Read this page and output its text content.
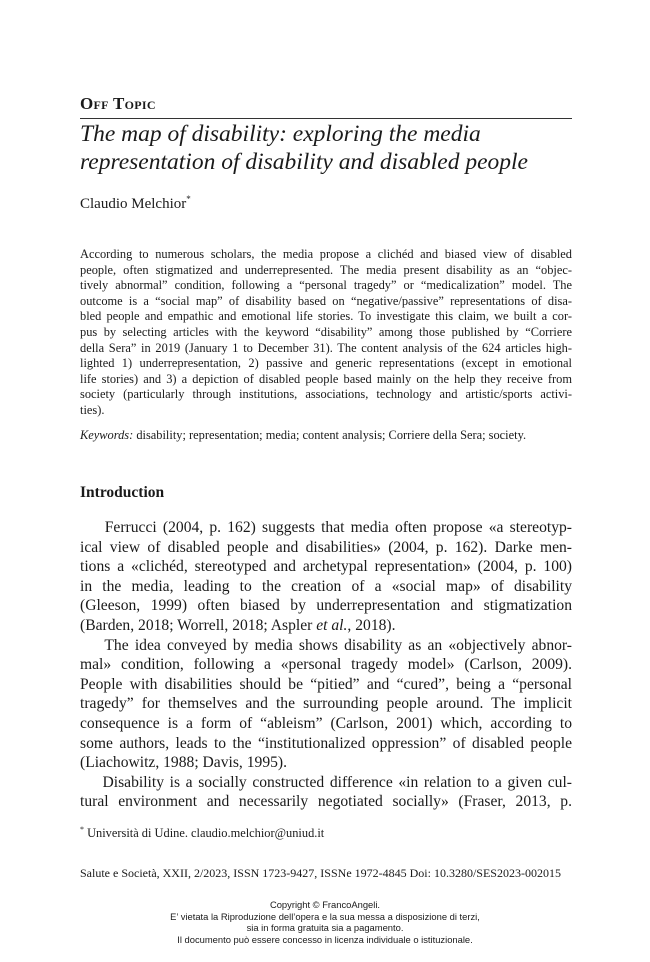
Off Topic
The map of disability: exploring the media
representation of disability and disabled people
Claudio Melchior*
According to numerous scholars, the media propose a clichéd and biased view of disabled
people, often stigmatized and underrepresented. The media present disability as an “objec-
tively abnormal” condition, following a “personal tragedy” or “medicalization” model. The
outcome is a “social map” of disability based on “negative/passive” representations of disa-
bled people and empathic and emotional life stories. To investigate this claim, we built a cor-
pus by selecting articles with the keyword “disability” among those published by “Corriere
della Sera” in 2019 (January 1 to December 31). The content analysis of the 624 articles high-
lighted 1) underrepresentation, 2) passive and generic representations (except in emotional
life stories) and 3) a depiction of disabled people based mainly on the help they receive from
society (particularly through institutions, associations, technology and artistic/sports activi-
ties).
Keywords: disability; representation; media; content analysis; Corriere della Sera; society.
Introduction
Ferrucci (2004, p. 162) suggests that media often propose «a stereotyp-
ical view of disabled people and disabilities» (2004, p. 162). Darke men-
tions a «clichéd, stereotyped and archetypal representation» (2004, p. 100)
in the media, leading to the creation of a «social map» of disability
(Gleeson, 1999) often biased by underrepresentation and stigmatization
(Barden, 2018; Worrell, 2018; Aspler et al., 2018).
The idea conveyed by media shows disability as an «objectively abnor-
mal» condition, following a «personal tragedy model» (Carlson, 2009).
People with disabilities should be “pitied” and “cured”, being a “personal
tragedy” for themselves and the surrounding people around. The implicit
consequence is a form of “ableism” (Carlson, 2001) which, according to
some authors, leads to the “institutionalized oppression” of disabled people
(Liachowitz, 1988; Davis, 1995).
Disability is a socially constructed difference «in relation to a given cul-
tural environment and necessarily negotiated socially» (Fraser, 2013, p.
* Università di Udine. claudio.melchior@uniud.it
Salute e Società, XXII, 2/2023, ISSN 1723-9427, ISSNe 1972-4845 Doi: 10.3280/SES2023-002015
Copyright © FrancoAngeli.
E’ vietata la Riproduzione dell’opera e la sua messa a disposizione di terzi,
sia in forma gratuita sia a pagamento.
Il documento può essere concesso in licenza individuale o istituzionale.
